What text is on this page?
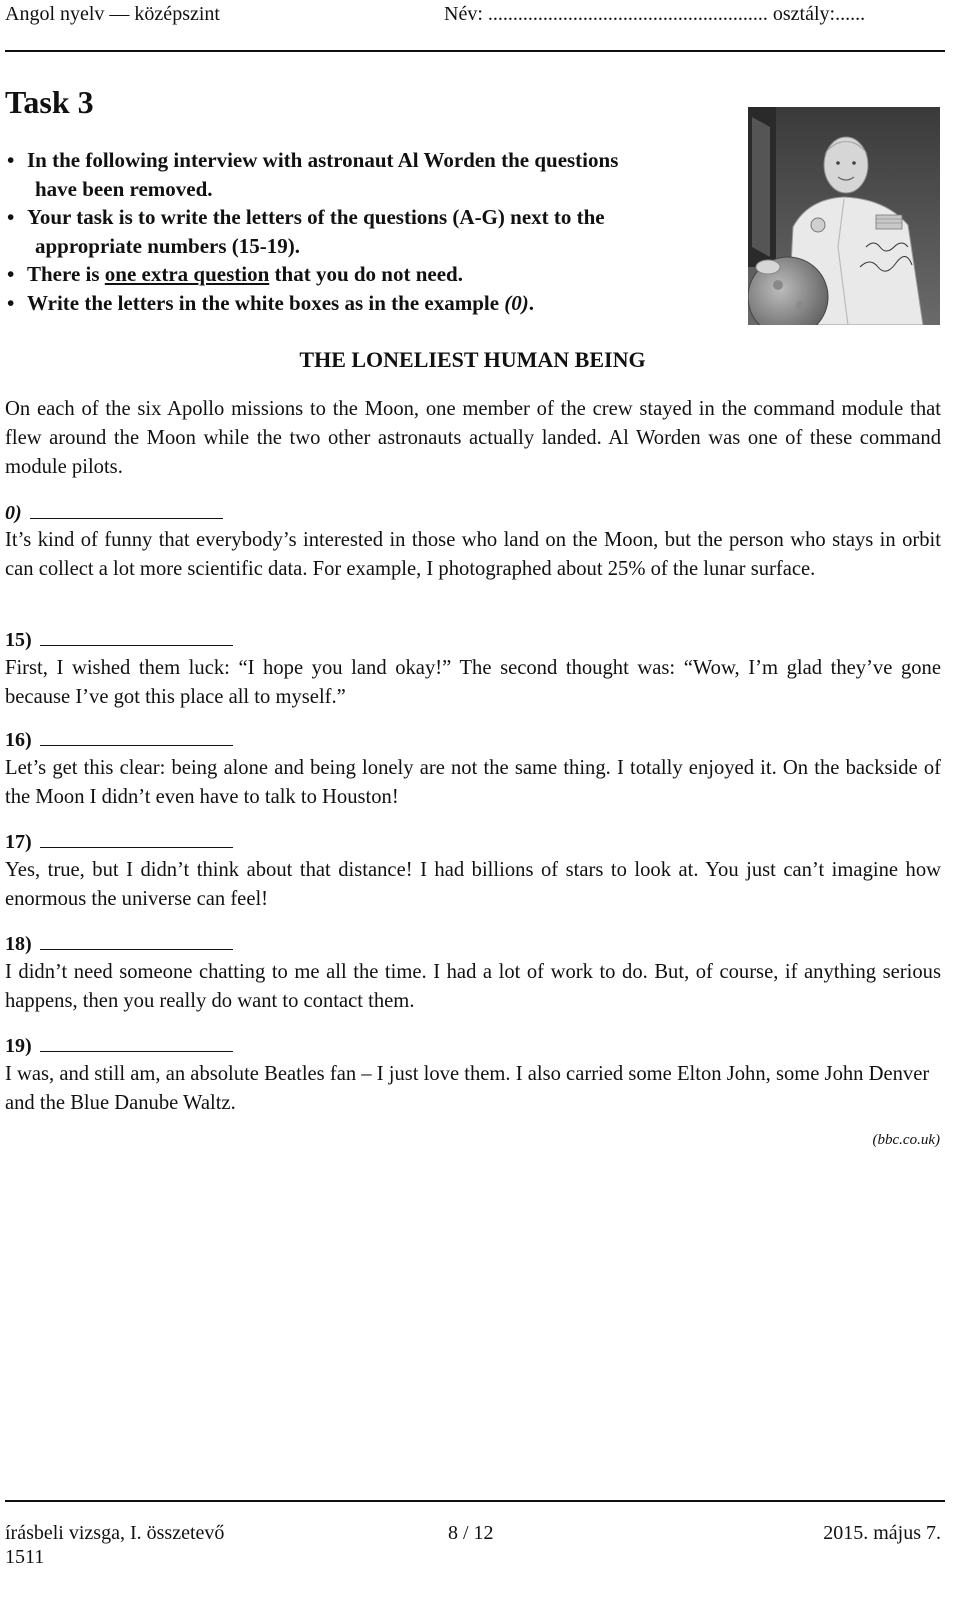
Angol nyelv — középszint	Név: ........................................................ osztály:......
Task 3
• In the following interview with astronaut Al Worden the questions
have been removed.
• Your task is to write the letters of the questions (A-G) next to the
appropriate numbers (15-19).
• There is one extra question that you do not need.
• Write the letters in the white boxes as in the example (0).
THE LONELIEST HUMAN BEING
On each of the six Apollo missions to the Moon, one member of the crew stayed in the command module that flew around the Moon while the two other astronauts actually landed. Al Worden was one of these command module pilots.
0)
It’s kind of funny that everybody’s interested in those who land on the Moon, but the person who stays in orbit can collect a lot more scientific data. For example, I photographed about 25% of the lunar surface.
15)
First, I wished them luck: “I hope you land okay!” The second thought was: “Wow, I’m glad they’ve gone because I’ve got this place all to myself.”
16)
Let’s get this clear: being alone and being lonely are not the same thing. I totally enjoyed it. On the backside of the Moon I didn’t even have to talk to Houston!
17)
Yes, true, but I didn’t think about that distance! I had billions of stars to look at. You just can’t imagine how enormous the universe can feel!
18)
I didn’t need someone chatting to me all the time. I had a lot of work to do. But, of course, if anything serious happens, then you really do want to contact them.
19)
I was, and still am, an absolute Beatles fan – I just love them. I also carried some Elton John, some John Denver and the Blue Danube Waltz.
(bbc.co.uk)
írásbeli vizsga, I. összetevő	8 / 12	2015. május 7.
1511
